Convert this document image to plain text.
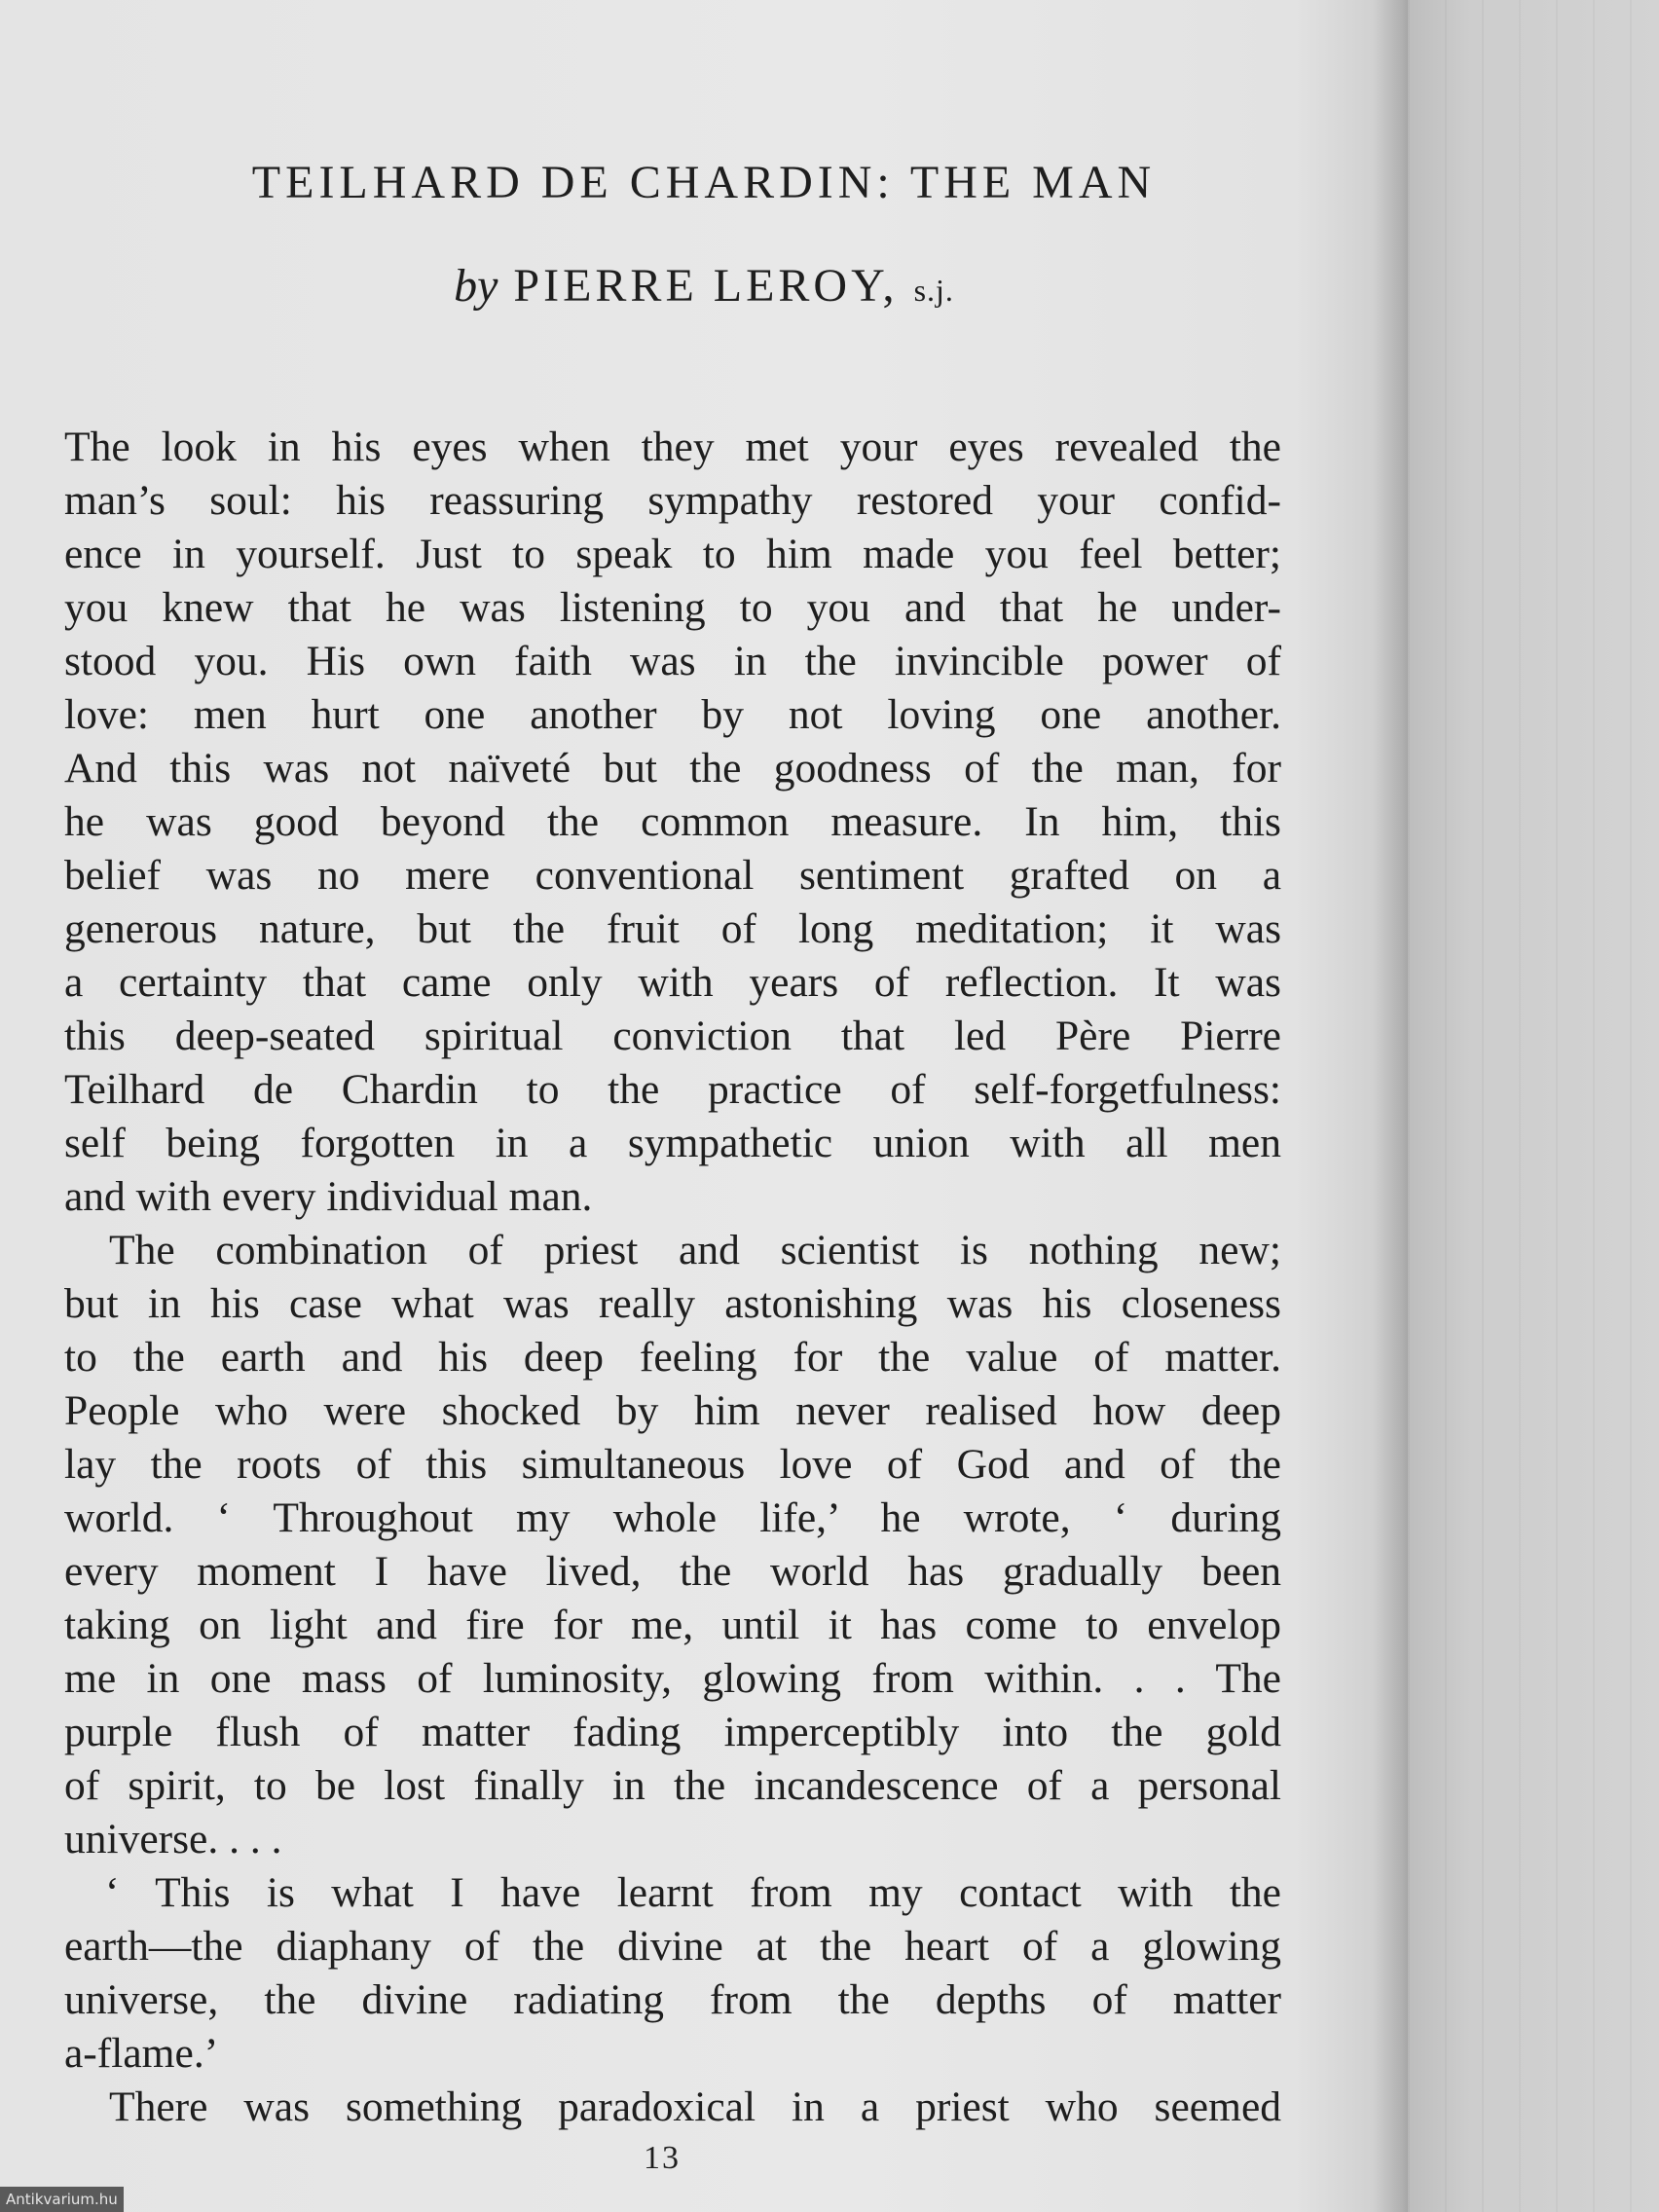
TEILHARD DE CHARDIN: THE MAN
by PIERRE LEROY, s.j.
The look in his eyes when they met your eyes revealed the
man’s soul: his reassuring sympathy restored your confid-
ence in yourself. Just to speak to him made you feel better;
you knew that he was listening to you and that he under-
stood you. His own faith was in the invincible power of
love: men hurt one another by not loving one another.
And this was not naïveté but the goodness of the man, for
he was good beyond the common measure. In him, this
belief was no mere conventional sentiment grafted on a
generous nature, but the fruit of long meditation; it was
a certainty that came only with years of reflection. It was
this deep-seated spiritual conviction that led Père Pierre
Teilhard de Chardin to the practice of self-forgetfulness:
self being forgotten in a sympathetic union with all men
and with every individual man.
The combination of priest and scientist is nothing new;
but in his case what was really astonishing was his closeness
to the earth and his deep feeling for the value of matter.
People who were shocked by him never realised how deep
lay the roots of this simultaneous love of God and of the
world. ‘ Throughout my whole life,’ he wrote, ‘ during
every moment I have lived, the world has gradually been
taking on light and fire for me, until it has come to envelop
me in one mass of luminosity, glowing from within. . . The
purple flush of matter fading imperceptibly into the gold
of spirit, to be lost finally in the incandescence of a personal
universe. . . .
‘ This is what I have learnt from my contact with the
earth—the diaphany of the divine at the heart of a glowing
universe, the divine radiating from the depths of matter
a-flame.’
There was something paradoxical in a priest who seemed
13
Antikvarium.hu
